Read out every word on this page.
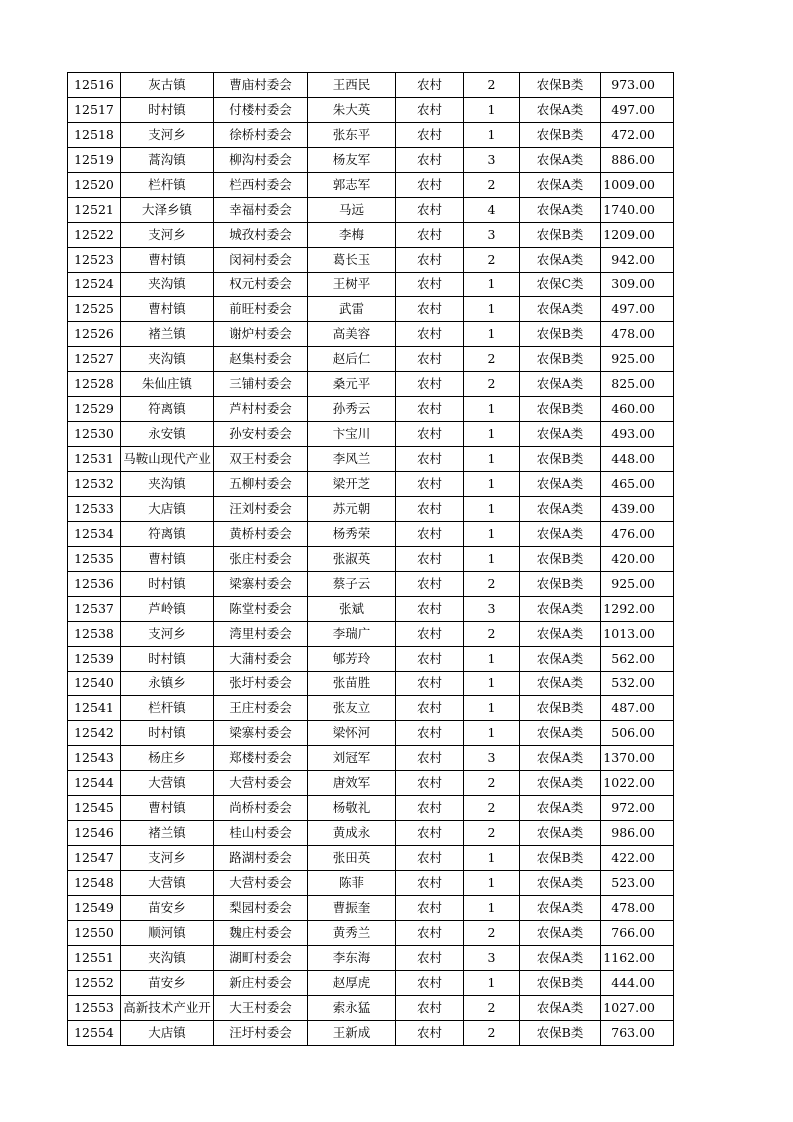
12516	灰古镇	曹庙村委会	王西民	农村	2	农保B类	973.00
12517	时村镇	付楼村委会	朱大英	农村	1	农保A类	497.00
12518	支河乡	徐桥村委会	张东平	农村	1	农保B类	472.00
12519	蒿沟镇	柳沟村委会	杨友军	农村	3	农保A类	886.00
12520	栏杆镇	栏西村委会	郭志军	农村	2	农保A类	1009.00
12521	大泽乡镇	幸福村委会	马远	农村	4	农保A类	1740.00
12522	支河乡	城孜村委会	李梅	农村	3	农保B类	1209.00
12523	曹村镇	闵祠村委会	葛长玉	农村	2	农保A类	942.00
12524	夹沟镇	权元村委会	王树平	农村	1	农保C类	309.00
12525	曹村镇	前旺村委会	武雷	农村	1	农保A类	497.00
12526	褚兰镇	谢炉村委会	高美容	农村	1	农保B类	478.00
12527	夹沟镇	赵集村委会	赵后仁	农村	2	农保B类	925.00
12528	朱仙庄镇	三铺村委会	桑元平	农村	2	农保A类	825.00
12529	符离镇	芦村村委会	孙秀云	农村	1	农保B类	460.00
12530	永安镇	孙安村委会	卞宝川	农村	1	农保A类	493.00
12531	马鞍山现代产业	双王村委会	李风兰	农村	1	农保B类	448.00
12532	夹沟镇	五柳村委会	梁开芝	农村	1	农保A类	465.00
12533	大店镇	汪刘村委会	苏元朝	农村	1	农保A类	439.00
12534	符离镇	黄桥村委会	杨秀荣	农村	1	农保A类	476.00
12535	曹村镇	张庄村委会	张淑英	农村	1	农保B类	420.00
12536	时村镇	梁寨村委会	蔡子云	农村	2	农保B类	925.00
12537	芦岭镇	陈堂村委会	张斌	农村	3	农保A类	1292.00
12538	支河乡	湾里村委会	李瑞广	农村	2	农保A类	1013.00
12539	时村镇	大蒲村委会	郇芳玲	农村	1	农保A类	562.00
12540	永镇乡	张圩村委会	张苗胜	农村	1	农保A类	532.00
12541	栏杆镇	王庄村委会	张友立	农村	1	农保B类	487.00
12542	时村镇	梁寨村委会	梁怀河	农村	1	农保A类	506.00
12543	杨庄乡	郑楼村委会	刘冠军	农村	3	农保A类	1370.00
12544	大营镇	大营村委会	唐效军	农村	2	农保A类	1022.00
12545	曹村镇	尚桥村委会	杨敬礼	农村	2	农保A类	972.00
12546	褚兰镇	桂山村委会	黄成永	农村	2	农保A类	986.00
12547	支河乡	路湖村委会	张田英	农村	1	农保B类	422.00
12548	大营镇	大营村委会	陈菲	农村	1	农保A类	523.00
12549	苗安乡	梨园村委会	曹振奎	农村	1	农保A类	478.00
12550	顺河镇	魏庄村委会	黄秀兰	农村	2	农保A类	766.00
12551	夹沟镇	湖町村委会	李东海	农村	3	农保A类	1162.00
12552	苗安乡	新庄村委会	赵厚虎	农村	1	农保B类	444.00
12553	高新技术产业开	大王村委会	索永猛	农村	2	农保A类	1027.00
12554	大店镇	汪圩村委会	王新成	农村	2	农保B类	763.00
